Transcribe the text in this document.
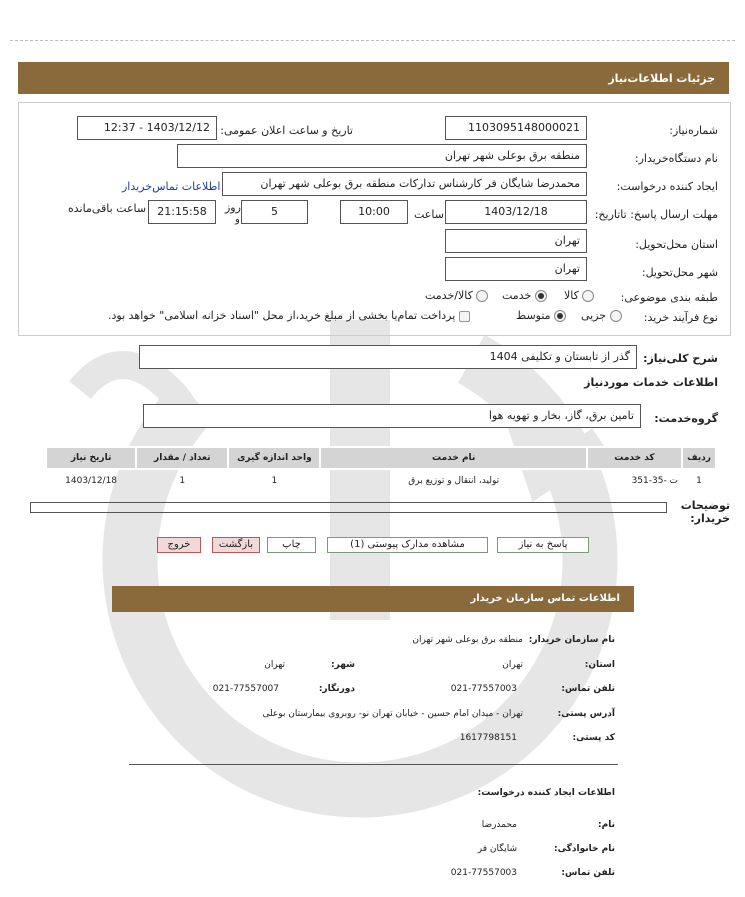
جزئیات اطلاعات‌نیاز
شماره‌نیاز:
1103095148000021
تاریخ و ساعت اعلان عمومی:
1403/12/12 - 12:37
نام دستگاه‌خریدار:
منطقه برق بوعلی شهر تهران
ایجاد کننده درخواست:
محمدرضا شایگان فر کارشناس تدارکات منطقه برق بوعلی شهر تهران
اطلاعات تماس‌خریدار
مهلت ارسال پاسخ: تاتاریخ:
1403/12/18
ساعت
10:00
5
روز
و
21:15:58
ساعت باقی‌مانده
استان محل‌تحویل:
تهران
شهر محل‌تحویل:
تهران
طبقه بندی موضوعی:
کالا
خدمت
کالا/خدمت
نوع فرآیند خرید:
جزیی
متوسط
پرداخت تمام‌یا بخشی از مبلغ خرید،از محل "اسناد خزانه اسلامی" خواهد بود.
شرح کلی‌نیاز:
گذر از تابستان و تکلیفی 1404
اطلاعات خدمات موردنیاز
گروه‌خدمت:
تامین برق، گاز، بخار و تهویه هوا
ردیف	کد خدمت	نام خدمت	واحد اندازه گیری	تعداد / مقدار	تاریخ نیاز
1	ت -35-351	تولید، انتقال و توزیع برق	1	1	1403/12/18
توضیحات خریدار:
پاسخ به نیاز
مشاهده مدارک پیوستی (1)
چاپ
بازگشت
خروج
اطلاعات تماس سازمان خریدار
نام سازمان خریدار:
منطقه برق بوعلی شهر تهران
استان:
تهران
شهر:
تهران
تلفن تماس:
021-77557003
دورنگار:
021-77557007
آدرس پستی:
تهران - میدان امام حسین - خیابان تهران نو- روبروی بیمارستان بوعلی
کد پستی:
1617798151
اطلاعات ایجاد کننده درخواست:
نام:
محمدرضا
نام خانوادگی:
شایگان فر
تلفن تماس:
021-77557003
